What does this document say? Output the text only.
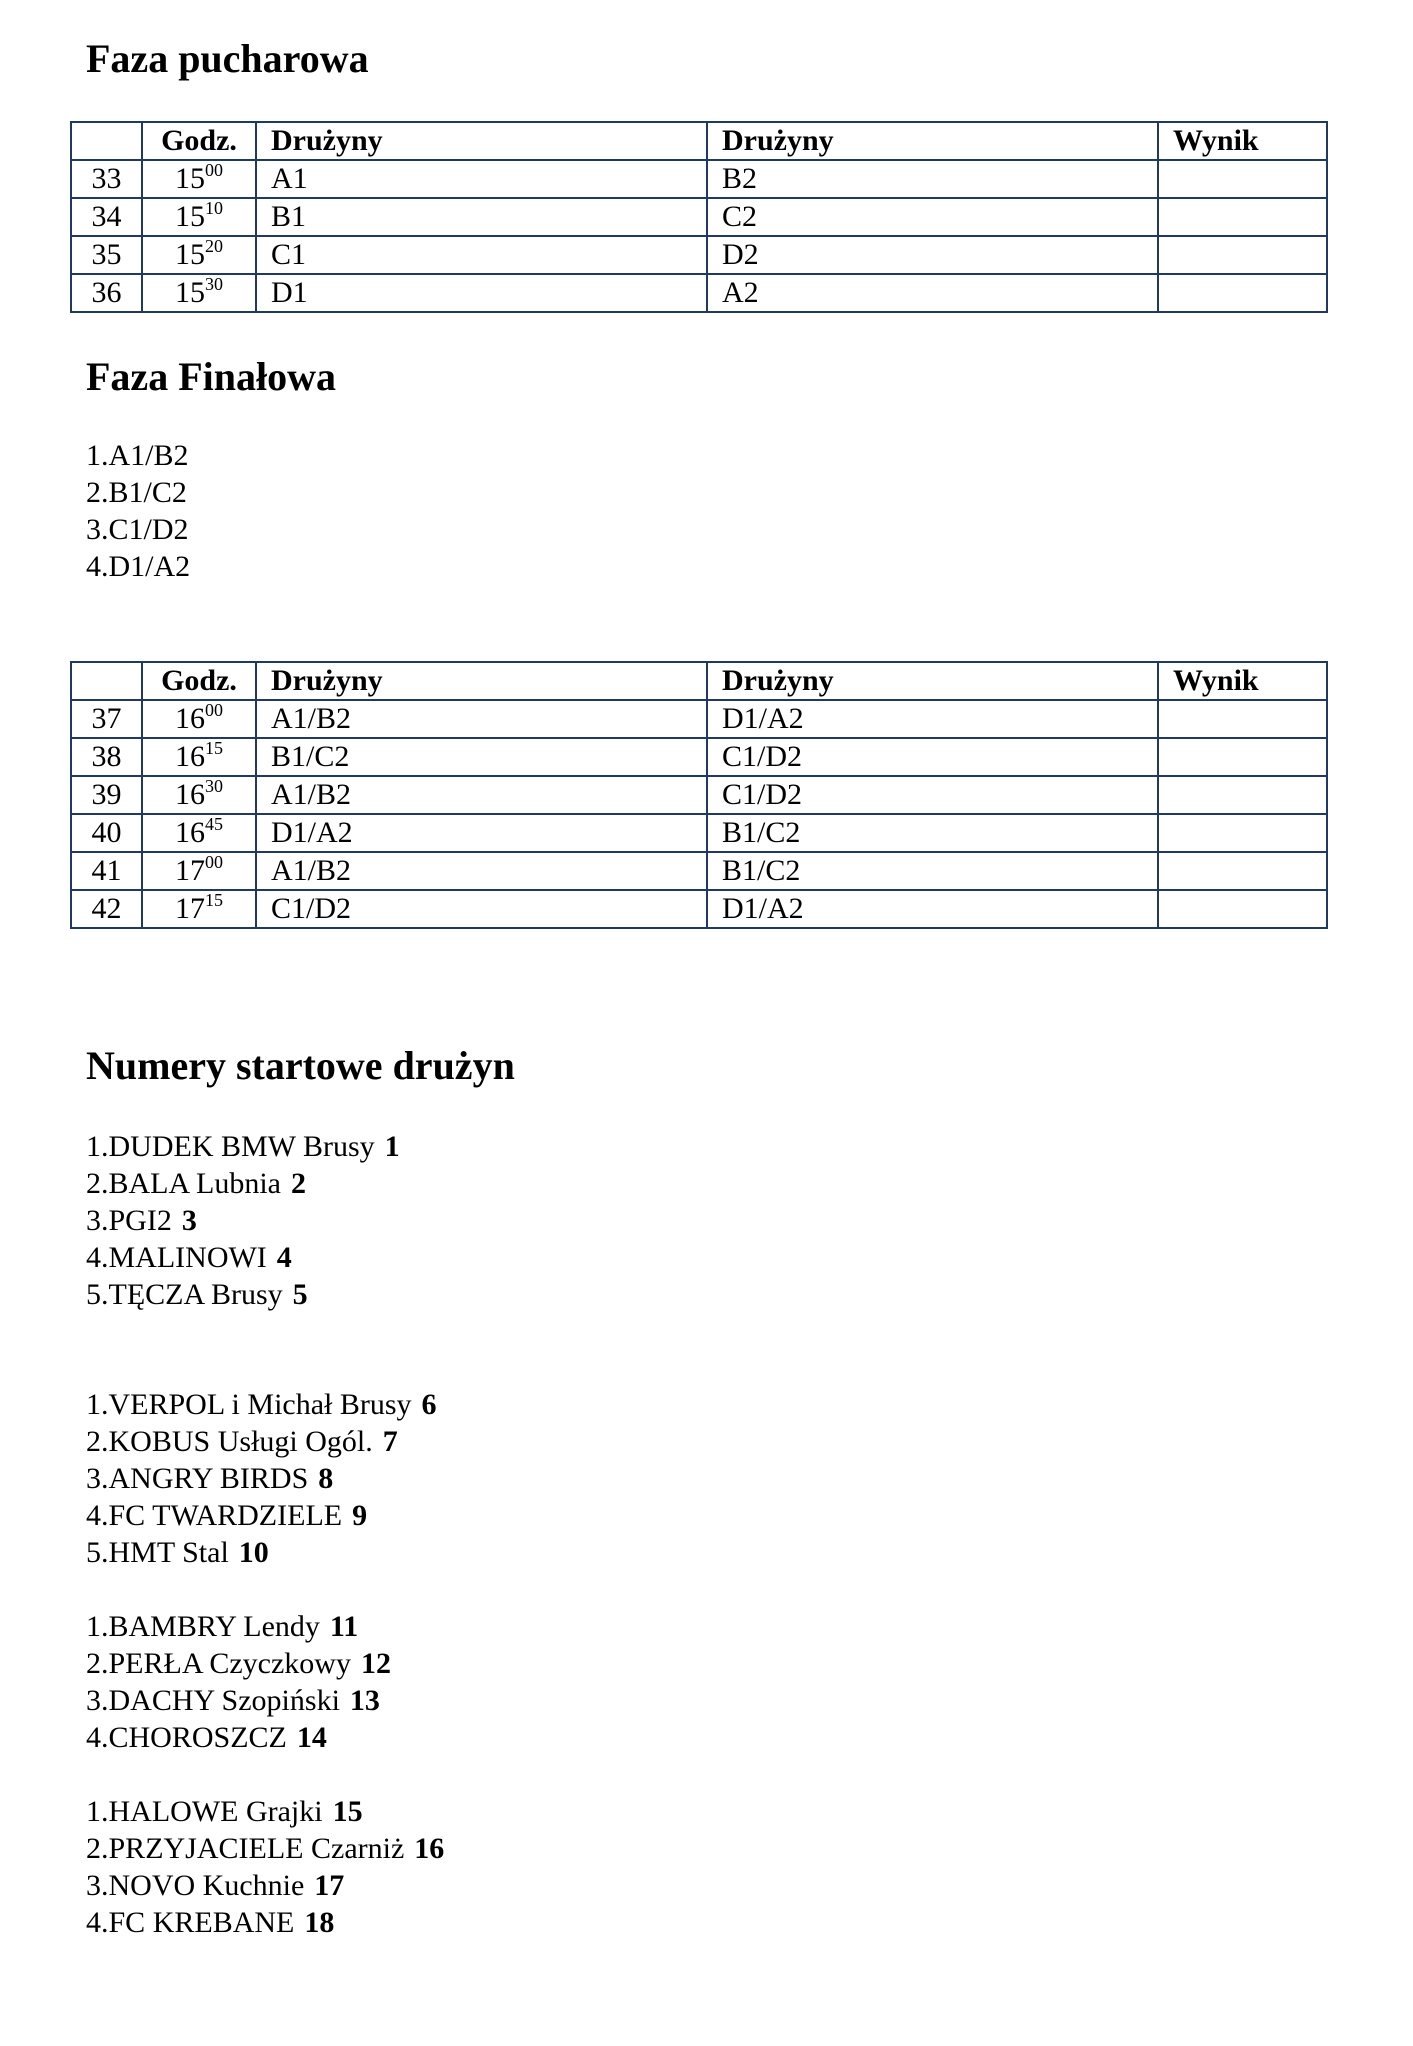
Faza pucharowa
	Godz.	Drużyny	Drużyny	Wynik
33	$15^{00}$	A1	B2	
34	$15^{10}$	B1	C2	
35	$15^{20}$	C1	D2	
36	$15^{30}$	D1	A2	
Faza Finałowa
1.A1/B2
2.B1/C2
3.C1/D2
4.D1/A2
	Godz.	Drużyny	Drużyny	Wynik
37	$16^{00}$	A1/B2	D1/A2	
38	$16^{15}$	B1/C2	C1/D2	
39	$16^{30}$	A1/B2	C1/D2	
40	$16^{45}$	D1/A2	B1/C2	
41	$17^{00}$	A1/B2	B1/C2	
42	$17^{15}$	C1/D2	D1/A2	
Numery startowe drużyn
1.DUDEK BMW Brusy 1
2.BALA Lubnia 2
3.PGI2 3
4.MALINOWI 4
5.TĘCZA Brusy 5
1.VERPOL i Michał Brusy 6
2.KOBUS Usługi Ogól. 7
3.ANGRY BIRDS 8
4.FC TWARDZIELE 9
5.HMT Stal 10
1.BAMBRY Lendy 11
2.PERŁA Czyczkowy 12
3.DACHY Szopiński 13
4.CHOROSZCZ 14
1.HALOWE Grajki 15
2.PRZYJACIELE Czarniż 16
3.NOVO Kuchnie 17
4.FC KREBANE 18
